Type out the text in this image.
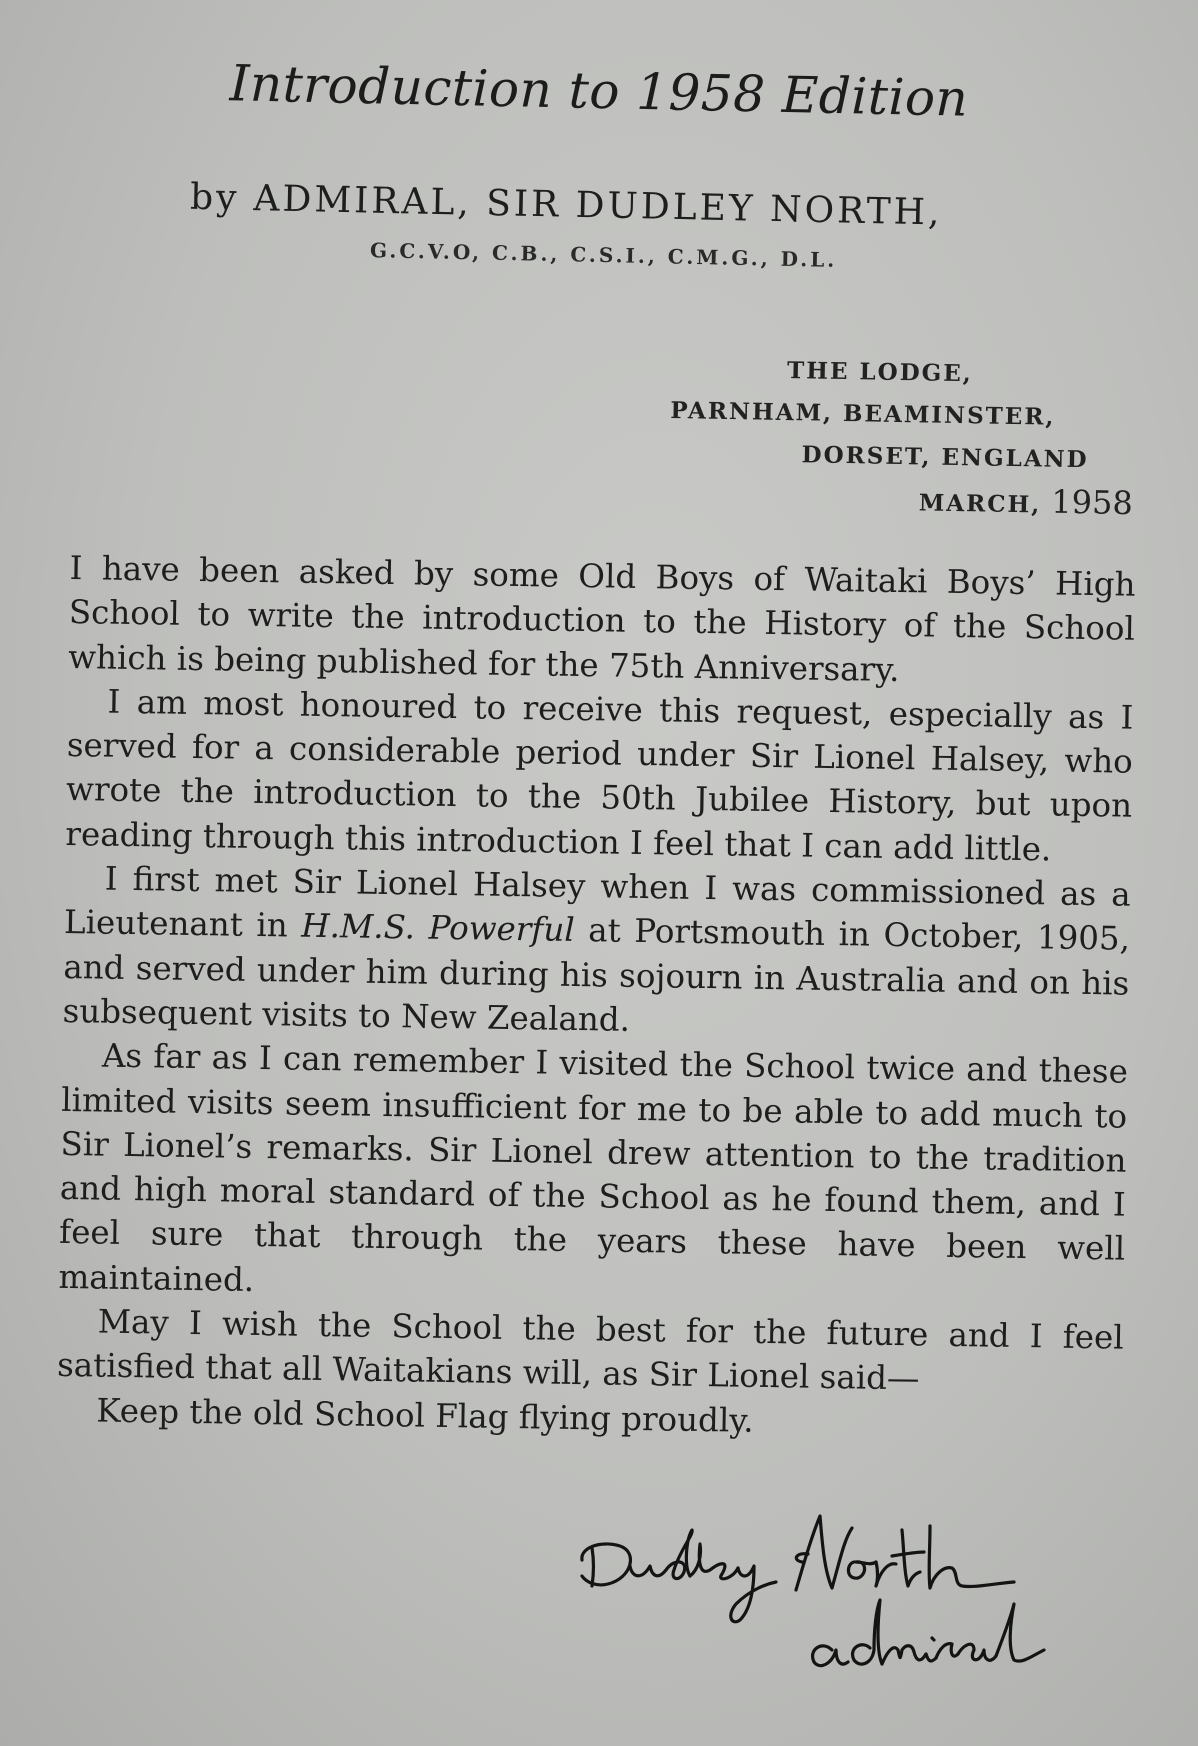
Introduction to 1958 Edition
by ADMIRAL, SIR DUDLEY NORTH,
G.C.V.O, C.B., C.S.I., C.M.G., D.L.
THE LODGE,
PARNHAM, BEAMINSTER,
DORSET, ENGLAND
MARCH, 1958

I have been asked by some Old Boys of Waitaki Boys’ High School to write the introduction to the History of the School which is being published for the 75th Anniversary.

I am most honoured to receive this request, especially as I served for a considerable period under Sir Lionel Halsey, who wrote the introduction to the 50th Jubilee History, but upon reading through this introduction I feel that I can add little.

I first met Sir Lionel Halsey when I was commissioned as a Lieutenant in H.M.S. Powerful at Portsmouth in October, 1905, and served under him during his sojourn in Australia and on his subsequent visits to New Zealand.

As far as I can remember I visited the School twice and these limited visits seem insufficient for me to be able to add much to Sir Lionel’s remarks. Sir Lionel drew attention to the tradition and high moral standard of the School as he found them, and I feel sure that through the years these have been well maintained.

May I wish the School the best for the future and I feel satisfied that all Waitakians will, as Sir Lionel said—

Keep the old School Flag flying proudly.
